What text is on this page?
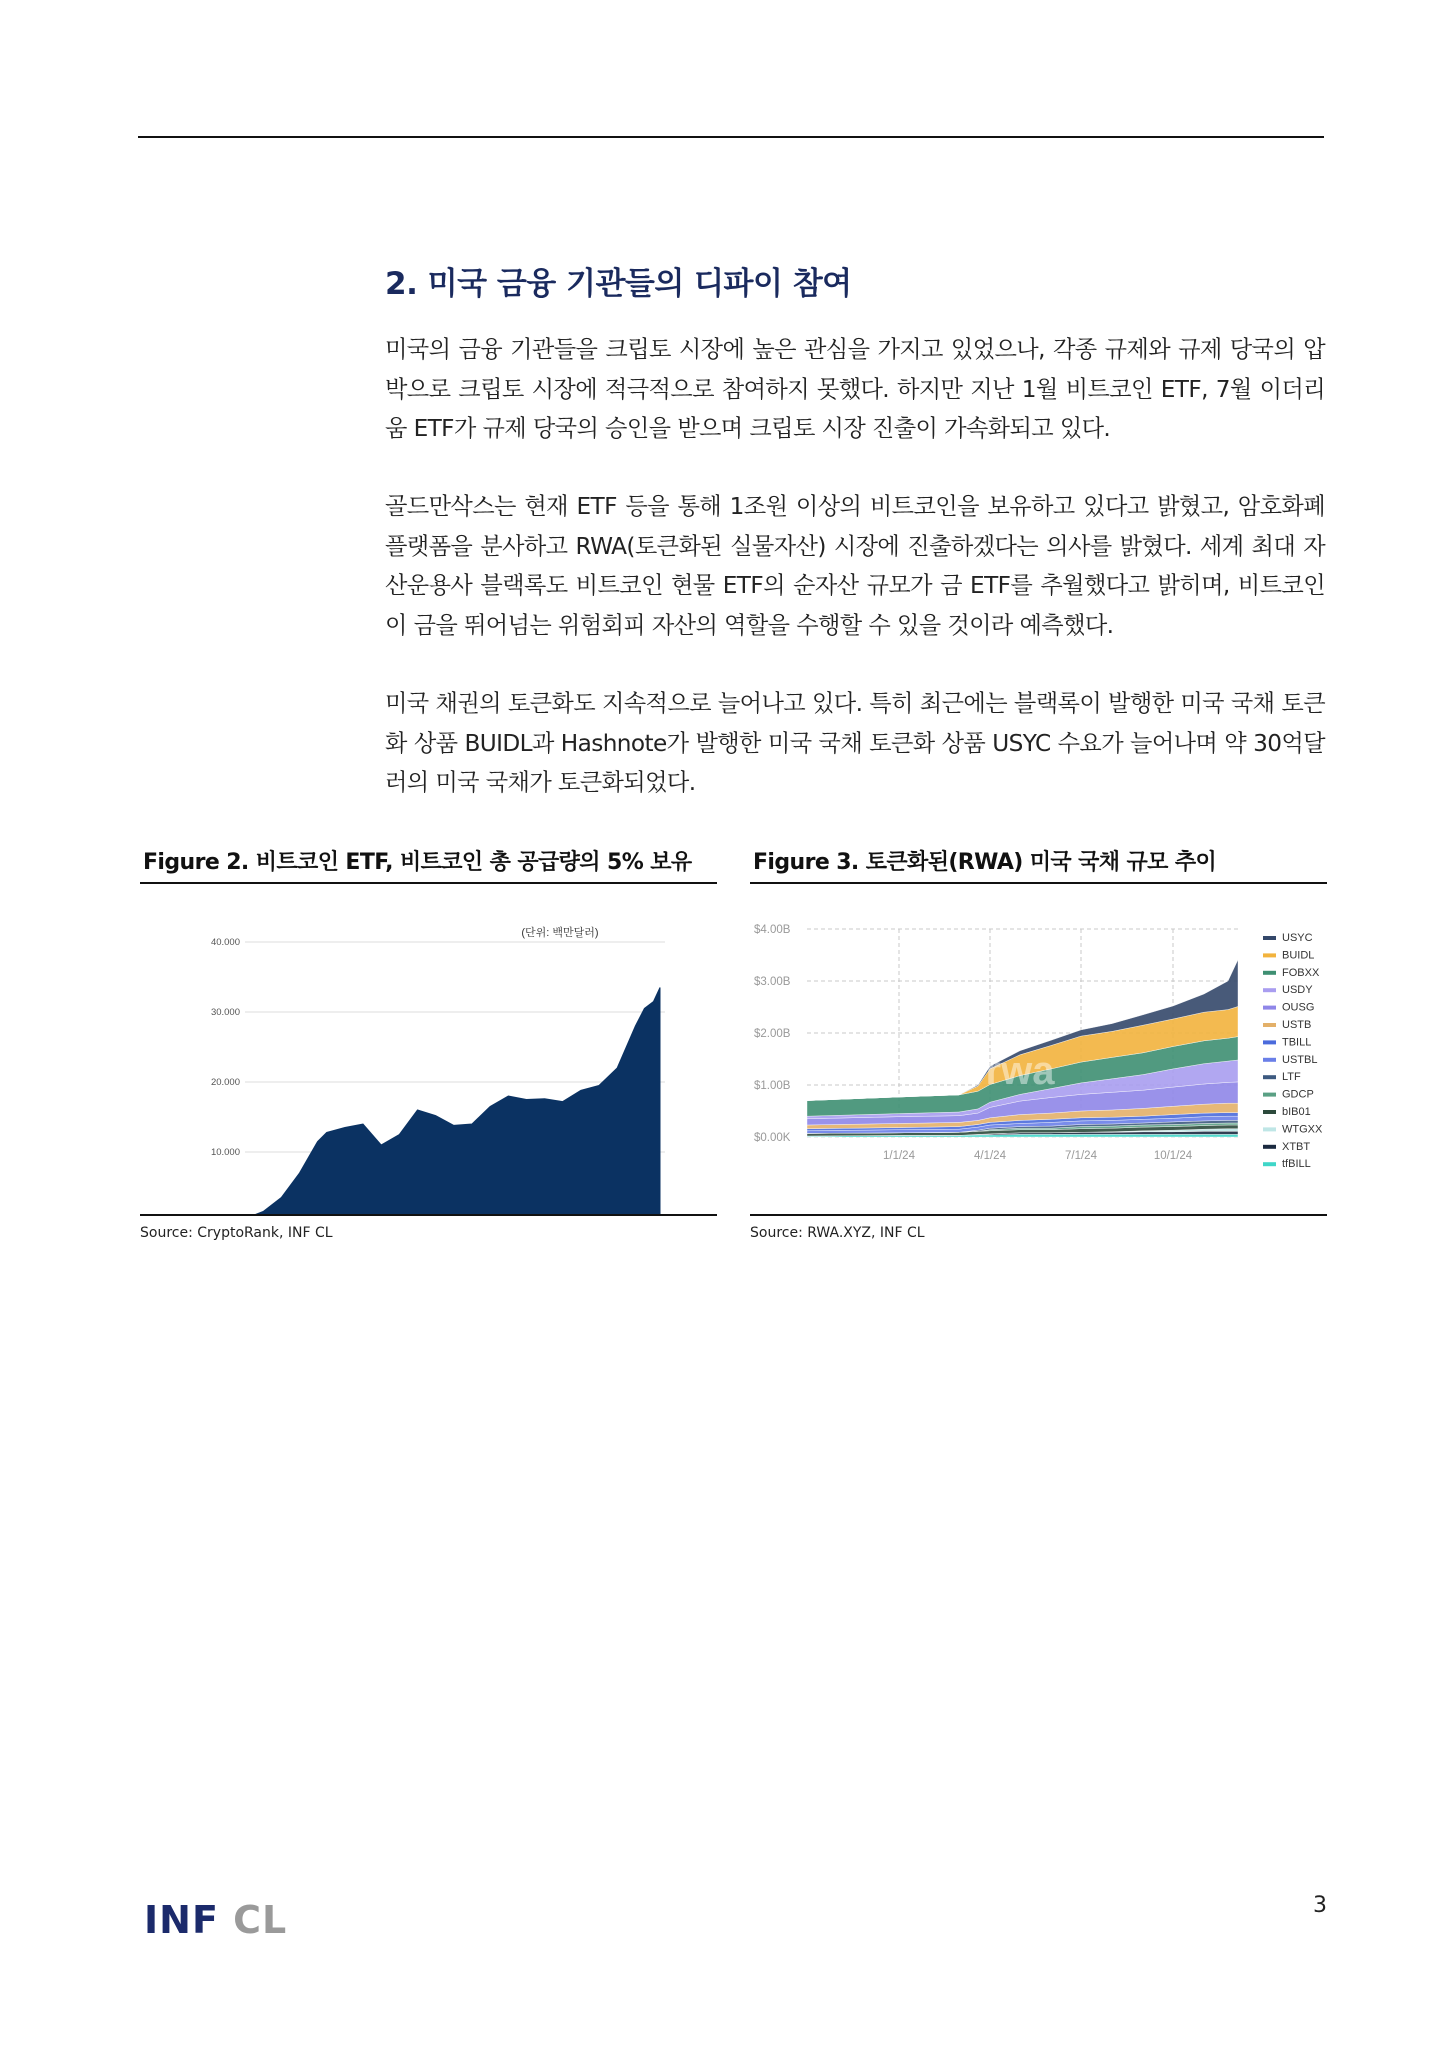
2. 미국 금융 기관들의 디파이 참여

미국의 금융 기관들을 크립토 시장에 높은 관심을 가지고 있었으나, 각종 규제와 규제 당국의 압박으로 크립토 시장에 적극적으로 참여하지 못했다. 하지만 지난 1월 비트코인 ETF, 7월 이더리움 ETF가 규제 당국의 승인을 받으며 크립토 시장 진출이 가속화되고 있다.

골드만삭스는 현재 ETF 등을 통해 1조원 이상의 비트코인을 보유하고 있다고 밝혔고, 암호화폐 플랫폼을 분사하고 RWA(토큰화된 실물자산) 시장에 진출하겠다는 의사를 밝혔다. 세계 최대 자산운용사 블랙록도 비트코인 현물 ETF의 순자산 규모가 금 ETF를 추월했다고 밝히며, 비트코인이 금을 뛰어넘는 위험회피 자산의 역할을 수행할 수 있을 것이라 예측했다.

미국 채권의 토큰화도 지속적으로 늘어나고 있다. 특히 최근에는 블랙록이 발행한 미국 국채 토큰화 상품 BUIDL과 Hashnote가 발행한 미국 국채 토큰화 상품 USYC 수요가 늘어나며 약 30억달러의 미국 국채가 토큰화되었다.

Figure 2. 비트코인 ETF, 비트코인 총 공급량의 5% 보유
(단위: 백만달러)
10.000
20.000
30.000
40.000
Source: CryptoRank, INF CL
Figure 3. 토큰화된(RWA) 미국 국채 규모 추이
$0.00K
$1.00B
$2.00B
$3.00B
$4.00B
1/1/24	4/1/24	7/1/24	10/1/24
rwa
USYC
BUIDL
FOBXX
USDY
OUSG
USTB
TBILL
USTBL
LTF
GDCP
bIB01
WTGXX
XTBT
tfBILL
Source: RWA.XYZ, INF CL
INF CL	3
